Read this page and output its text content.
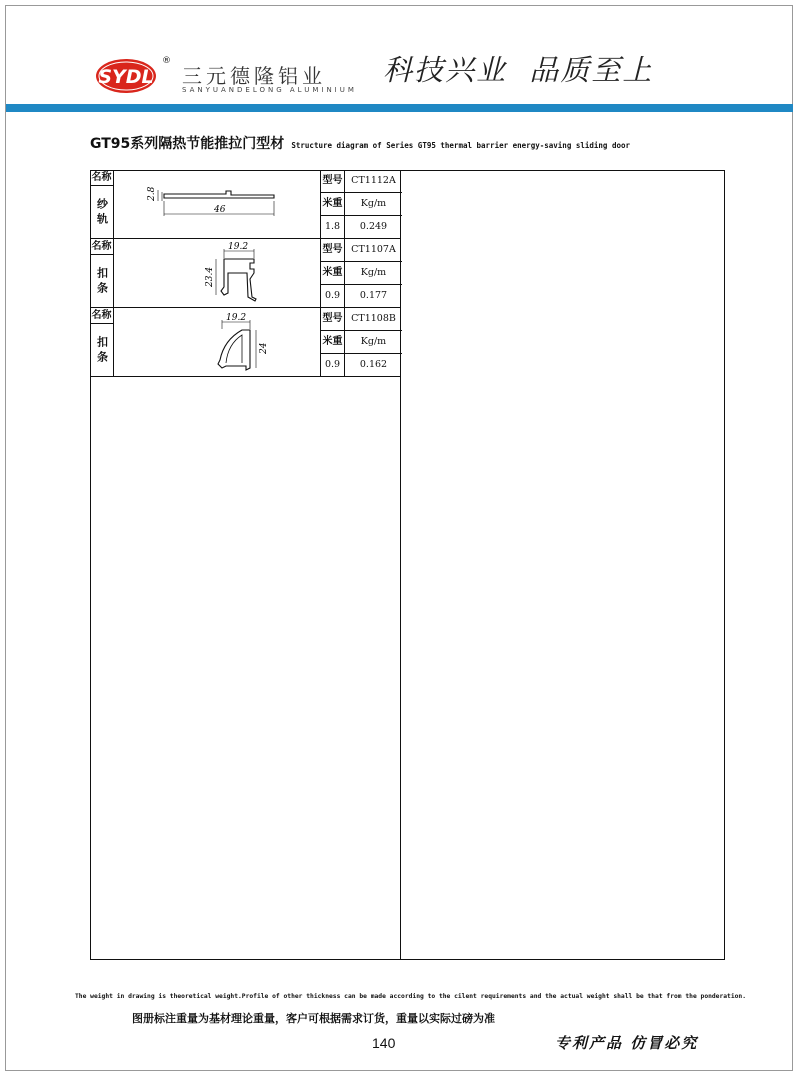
SYDL
®
三元德隆铝业
SANYUANDELONG ALUMINIUM
科技兴业  品质至上
GT95系列隔热节能推拉门型材 Structure diagram of Series GT95 thermal barrier energy-saving sliding door
名称
纱轨
2.8
46
型号 CT1112A
米重	Kg/m
1.8	0.249
名称
扣条
19.2
23.4
型号 CT1107A
米重	Kg/m
0.9	0.177
名称
扣条
19.2
24
型号 CT1108B
米重	Kg/m
0.9	0.162
The weight in drawing is theoretical weight.Profile of other thickness can be made according to the cilent requirements and the actual weight shall be that from the ponderation.
图册标注重量为基材理论重量，客户可根据需求订货，重量以实际过磅为准
140	专利产品 仿冒必究
